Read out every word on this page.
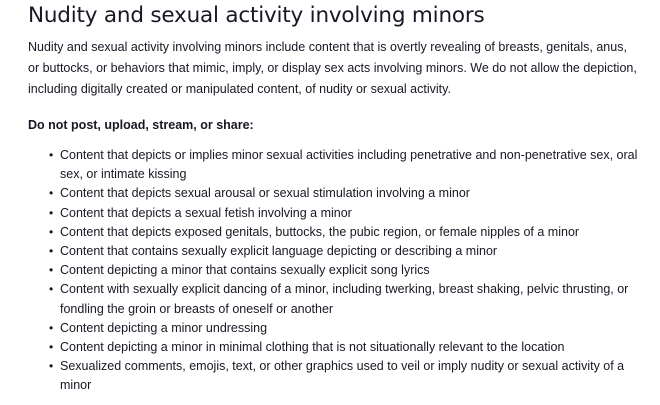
Nudity and sexual activity involving minors

Nudity and sexual activity involving minors include content that is overtly revealing of breasts, genitals, anus, or buttocks, or behaviors that mimic, imply, or display sex acts involving minors. We do not allow the depiction, including digitally created or manipulated content, of nudity or sexual activity.

Do not post, upload, stream, or share:

• Content that depicts or implies minor sexual activities including penetrative and non-penetrative sex, oral sex, or intimate kissing
• Content that depicts sexual arousal or sexual stimulation involving a minor
• Content that depicts a sexual fetish involving a minor
• Content that depicts exposed genitals, buttocks, the pubic region, or female nipples of a minor
• Content that contains sexually explicit language depicting or describing a minor
• Content depicting a minor that contains sexually explicit song lyrics
• Content with sexually explicit dancing of a minor, including twerking, breast shaking, pelvic thrusting, or fondling the groin or breasts of oneself or another
• Content depicting a minor undressing
• Content depicting a minor in minimal clothing that is not situationally relevant to the location
• Sexualized comments, emojis, text, or other graphics used to veil or imply nudity or sexual activity of a minor
